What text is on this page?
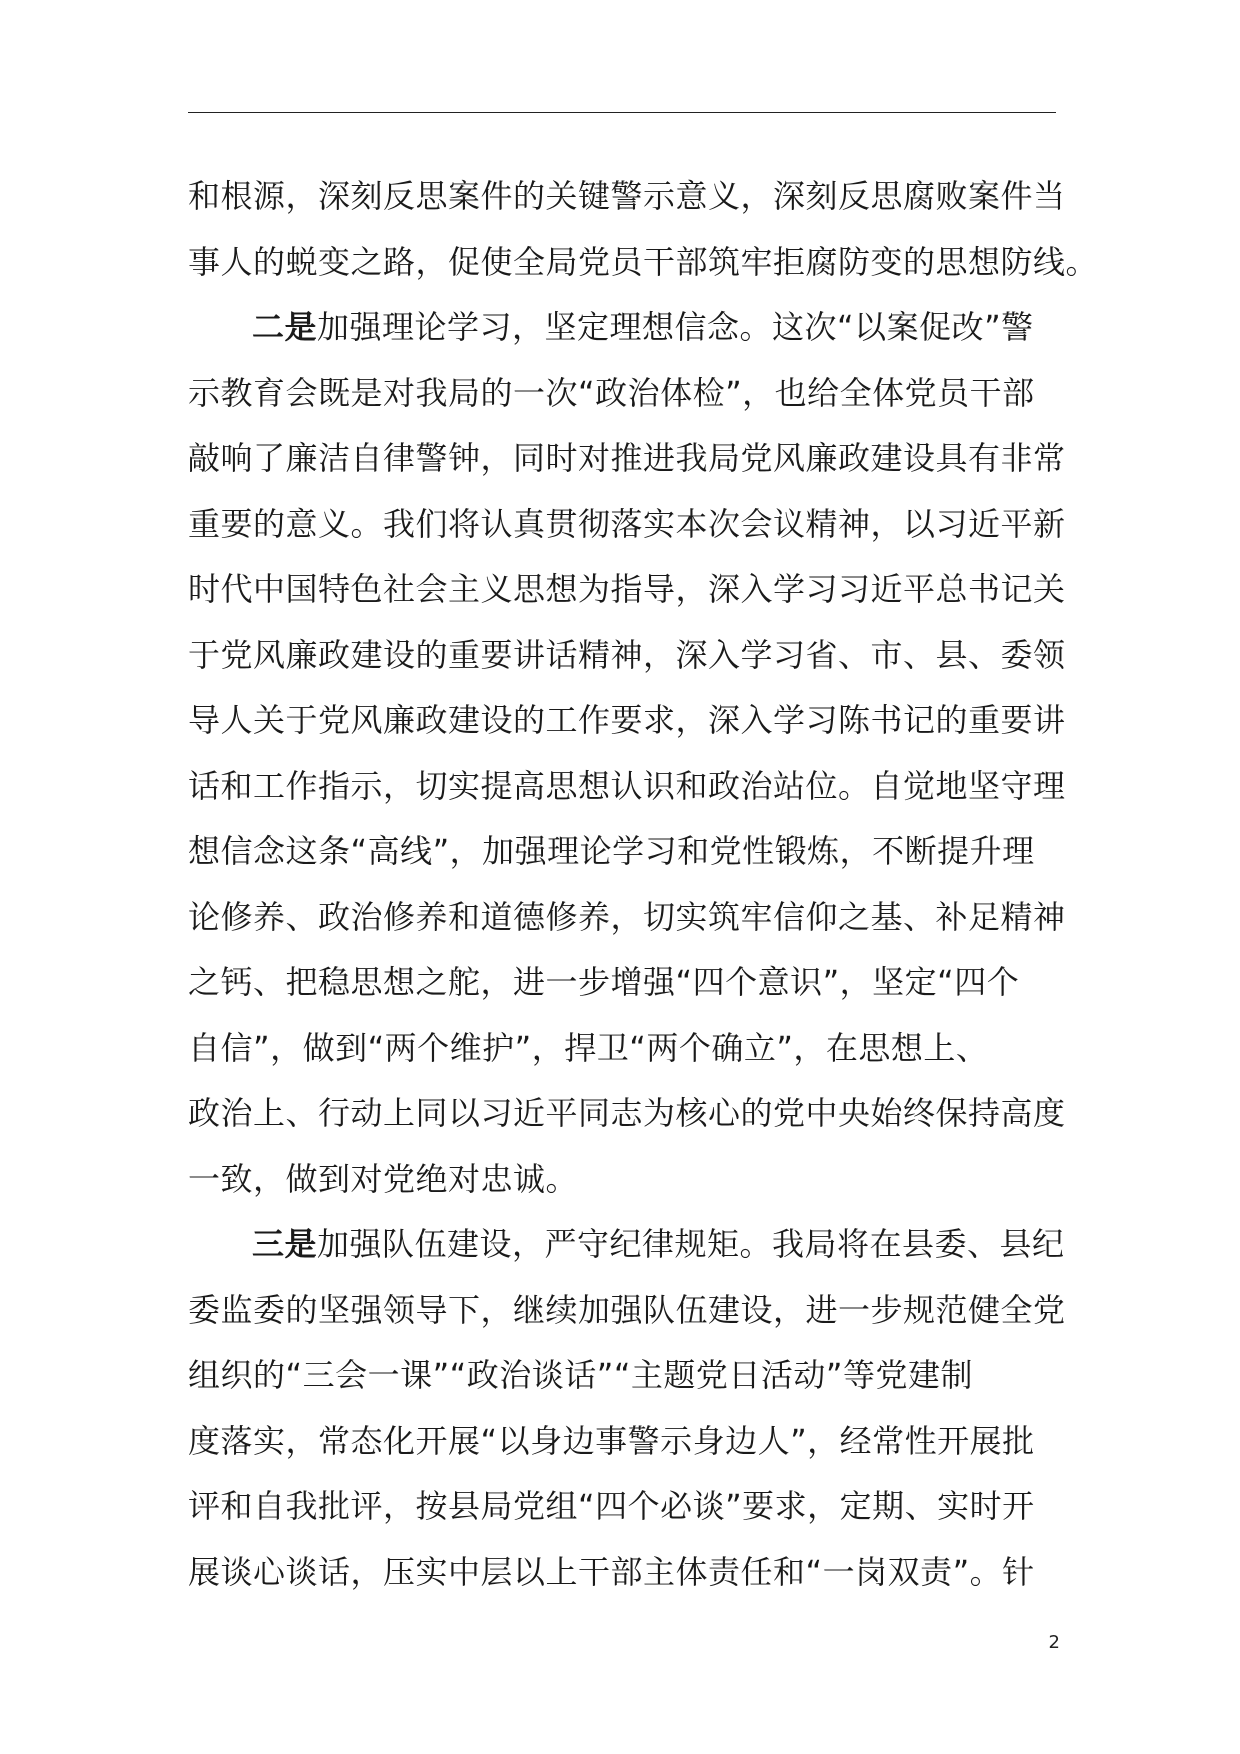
和根源，深刻反思案件的关键警示意义，深刻反思腐败案件当
事人的蜕变之路，促使全局党员干部筑牢拒腐防变的思想防线。
二是加强理论学习，坚定理想信念。这次“以案促改”警
示教育会既是对我局的一次“政治体检”，也给全体党员干部
敲响了廉洁自律警钟，同时对推进我局党风廉政建设具有非常
重要的意义。我们将认真贯彻落实本次会议精神，以习近平新
时代中国特色社会主义思想为指导，深入学习习近平总书记关
于党风廉政建设的重要讲话精神，深入学习省、市、县、委领
导人关于党风廉政建设的工作要求，深入学习陈书记的重要讲
话和工作指示，切实提高思想认识和政治站位。自觉地坚守理
想信念这条“高线”，加强理论学习和党性锻炼，不断提升理
论修养、政治修养和道德修养，切实筑牢信仰之基、补足精神
之钙、把稳思想之舵，进一步增强“四个意识”，坚定“四个
自信”，做到“两个维护”，捍卫“两个确立”，在思想上、
政治上、行动上同以习近平同志为核心的党中央始终保持高度
一致，做到对党绝对忠诚。
三是加强队伍建设，严守纪律规矩。我局将在县委、县纪
委监委的坚强领导下，继续加强队伍建设，进一步规范健全党
组织的“三会一课”“政治谈话”“主题党日活动”等党建制
度落实，常态化开展“以身边事警示身边人”，经常性开展批
评和自我批评，按县局党组“四个必谈”要求，定期、实时开
展谈心谈话，压实中层以上干部主体责任和“一岗双责”。针
2
